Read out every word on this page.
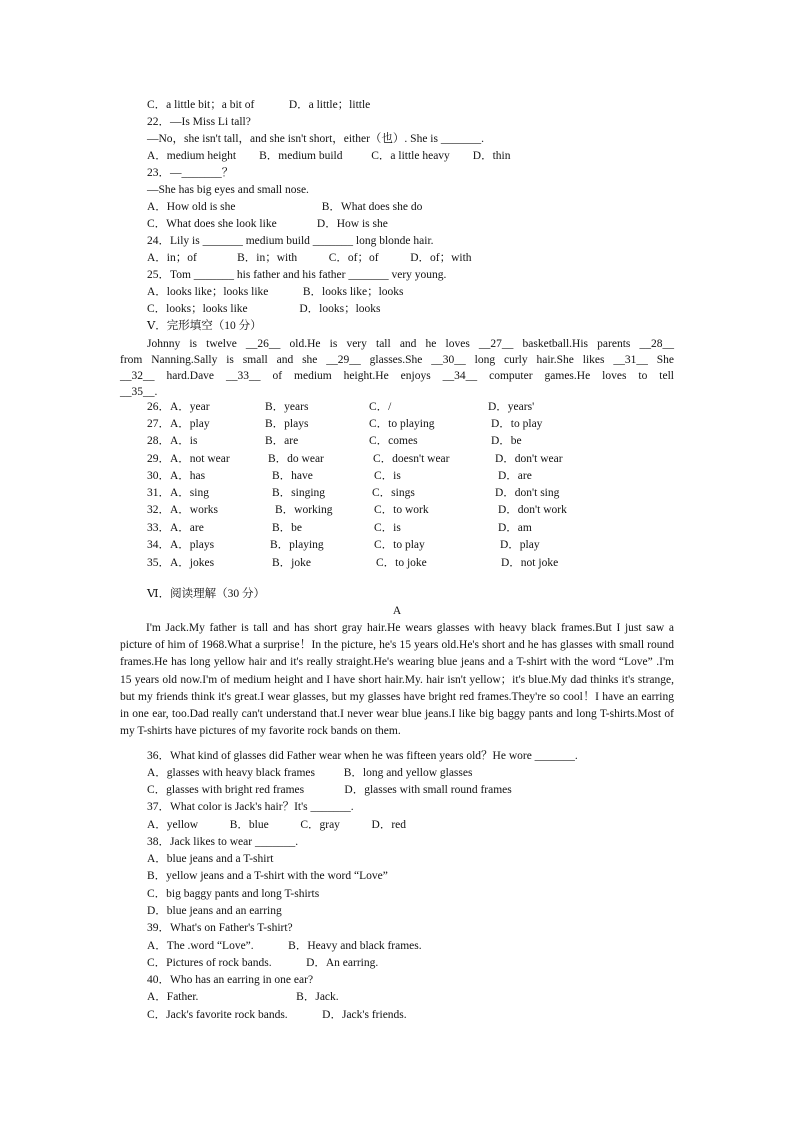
C．a little bit；a bit of            D．a little；little
22．—Is Miss Li tall?
—No，she isn't tall，and she isn't short，either（也）. She is _______.
A．medium height        B．medium build          C．a little heavy        D．thin
23．—_______？
—She has big eyes and small nose.
A．How old is she                              B．What does she do
C．What does she look like              D．How is she
24．Lily is _______ medium build _______ long blonde hair.
A．in；of              B．in；with           C．of；of           D．of；with
25．Tom _______ his father and his father _______ very young.
A．looks like；looks like            B．looks like；looks
C．looks；looks like                  D．looks；looks
Ⅴ．完形填空（10 分）
Johnny is twelve __26__ old.He is very tall and he loves __27__ basketball.His parents __28__
from Nanning.Sally is small and she __29__ glasses.She __30__ long curly hair.She likes __31__ She
__32__ hard.Dave __33__ of medium height.He enjoys __34__ computer games.He loves to tell
__35__.
26．A．year	B．years	C．/	D．years'
27．A．play	B．plays	C．to playing	D．to play
28．A．is	B．are	C．comes	D．be
29．A．not wear	B．do wear	C．doesn't wear	D．don't wear
30．A．has	B．have	C．is	D．are
31．A．sing	B．singing	C．sings	D．don't sing
32．A．works	B．working	C．to work	D．don't work
33．A．are	B．be	C．is	D．am
34．A．plays	B．playing	C．to play	D．play
35．A．jokes	B．joke	C．to joke	D．not joke
Ⅵ．阅读理解（30 分）
A

I'm Jack.My father is tall and has short gray hair.He wears glasses with heavy black frames.But I just saw a picture of him of 1968.What a surprise！In the picture, he's 15 years old.He's short and he has glasses with small round frames.He has long yellow hair and it's really straight.He's wearing blue jeans and a T-shirt with the word “Love” .I'm 15 years old now.I'm of medium height and I have short hair.My. hair isn't yellow；it's blue.My dad thinks it's strange, but my friends think it's great.I wear glasses, but my glasses have bright red frames.They're so cool！I have an earring in one ear, too.Dad really can't understand that.I never wear blue jeans.I like big baggy pants and long T-shirts.Most of my T-shirts have pictures of my favorite rock bands on them.

36．What kind of glasses did Father wear when he was fifteen years old？He wore _______.
A．glasses with heavy black frames          B．long and yellow glasses
C．glasses with bright red frames              D．glasses with small round frames
37．What color is Jack's hair？It's _______.
A．yellow           B．blue           C．gray           D．red
38．Jack likes to wear _______.
A．blue jeans and a T-shirt
B．yellow jeans and a T-shirt with the word “Love”
C．big baggy pants and long T-shirts
D．blue jeans and an earring
39．What's on Father's T-shirt?
A．The .word “Love”.            B．Heavy and black frames.
C．Pictures of rock bands.            D．An earring.
40．Who has an earring in one ear?
A．Father.                                  B．Jack.
C．Jack's favorite rock bands.            D．Jack's friends.
